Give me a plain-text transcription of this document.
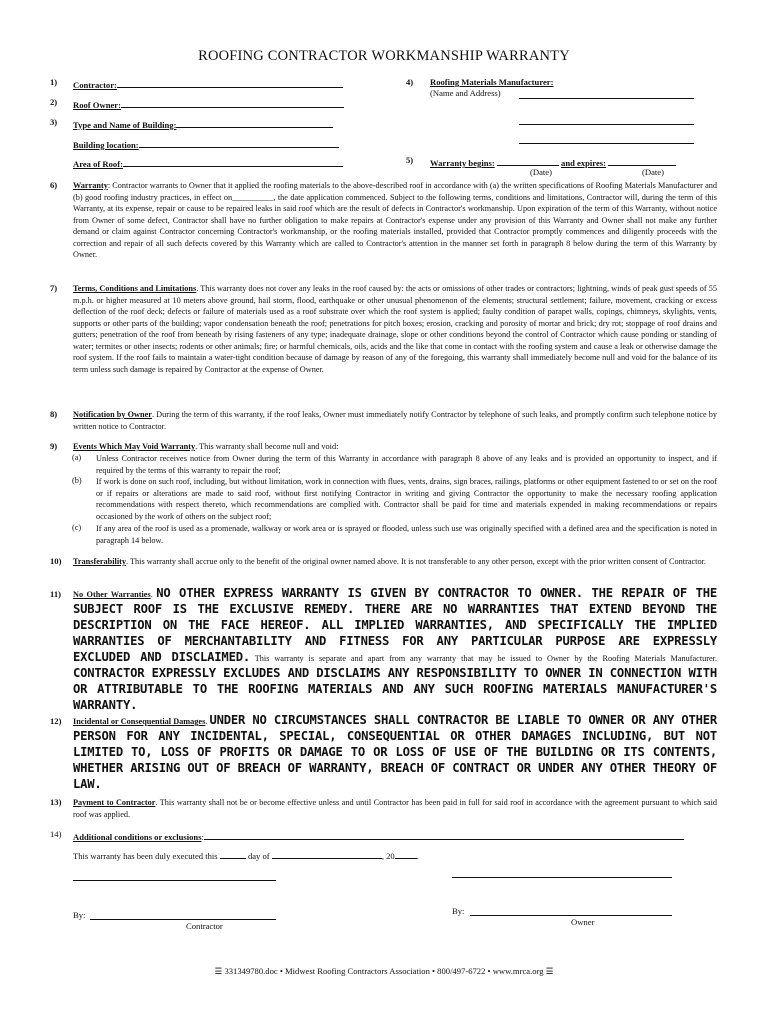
ROOFING CONTRACTOR WORKMANSHIP WARRANTY
1) Contractor:
2) Roof Owner:
3) Type and Name of Building:
Building location:
Area of Roof:
4) Roofing Materials Manufacturer:
(Name and Address)
5) Warranty begins:	and expires:
(Date)	(Date)
6) Warranty: Contractor warrants to Owner that it applied the roofing materials to the above-described roof in accordance with (a) the written specifications of Roofing Materials Manufacturer and (b) good roofing industry practices, in effect on__________, the date application commenced. Subject to the following terms, conditions and limitations, Contractor will, during the term of this Warranty, at its expense, repair or cause to be repaired leaks in said roof which are the result of defects in Contractor's workmanship. Upon expiration of the term of this Warranty, without notice from Owner of some defect, Contractor shall have no further obligation to make repairs at Contractor's expense under any provision of this Warranty and Owner shall not make any further demand or claim against Contractor concerning Contractor's workmanship, or the roofing materials installed, provided that Contractor promptly commences and diligently proceeds with the correction and repair of all such defects covered by this Warranty which are called to Contractor's attention in the manner set forth in paragraph 8 below during the term of this Warranty by Owner.
7) Terms, Conditions and Limitations. This warranty does not cover any leaks in the roof caused by: the acts or omissions of other trades or contractors; lightning, winds of peak gust speeds of 55 m.p.h. or higher measured at 10 meters above ground, hail storm, flood, earthquake or other unusual phenomenon of the elements; structural settlement; failure, movement, cracking or excess deflection of the roof deck; defects or failure of materials used as a roof substrate over which the roof system is applied; faulty condition of parapet walls, copings, chimneys, skylights, vents, supports or other parts of the building; vapor condensation beneath the roof; penetrations for pitch boxes; erosion, cracking and porosity of mortar and brick; dry rot; stoppage of roof drains and gutters; penetration of the roof from beneath by rising fasteners of any type; inadequate drainage, slope or other conditions beyond the control of Contractor which cause ponding or standing of water; termites or other insects; rodents or other animals; fire; or harmful chemicals, oils, acids and the like that come in contact with the roofing system and cause a leak or otherwise damage the roof system. If the roof fails to maintain a water-tight condition because of damage by reason of any of the foregoing, this warranty shall immediately become null and void for the balance of its term unless such damage is repaired by Contractor at the expense of Owner.
8) Notification by Owner. During the term of this warranty, if the roof leaks, Owner must immediately notify Contractor by telephone of such leaks, and promptly confirm such telephone notice by written notice to Contractor.
9) Events Which May Void Warranty. This warranty shall become null and void:
(a) Unless Contractor receives notice from Owner during the term of this Warranty in accordance with paragraph 8 above of any leaks and is provided an opportunity to inspect, and if required by the terms of this warranty to repair the roof;
(b) If work is done on such roof, including, but without limitation, work in connection with flues, vents, drains, sign braces, railings, platforms or other equipment fastened to or set on the roof or if repairs or alterations are made to said roof, without first notifying Contractor in writing and giving Contractor the opportunity to make the necessary roofing application recommendations with respect thereto, which recommendations are complied with. Contractor shall be paid for time and materials expended in making recommendations or repairs occasioned by the work of others on the subject roof;
(c) If any area of the roof is used as a promenade, walkway or work area or is sprayed or flooded, unless such use was originally specified with a defined area and the specification is noted in paragraph 14 below.
10) Transferability. This warranty shall accrue only to the benefit of the original owner named above. It is not transferable to any other person, except with the prior written consent of Contractor.
11) No Other Warranties. NO OTHER EXPRESS WARRANTY IS GIVEN BY CONTRACTOR TO OWNER. THE REPAIR OF THE SUBJECT ROOF IS THE EXCLUSIVE REMEDY. THERE ARE NO WARRANTIES THAT EXTEND BEYOND THE DESCRIPTION ON THE FACE HEREOF. ALL IMPLIED WARRANTIES, AND SPECIFICALLY THE IMPLIED WARRANTIES OF MERCHANTABILITY AND FITNESS FOR ANY PARTICULAR PURPOSE ARE EXPRESSLY EXCLUDED AND DISCLAIMED. This warranty is separate and apart from any warranty that may be issued to Owner by the Roofing Materials Manufacturer. CONTRACTOR EXPRESSLY EXCLUDES AND DISCLAIMS ANY RESPONSIBILITY TO OWNER IN CONNECTION WITH OR ATTRIBUTABLE TO THE ROOFING MATERIALS AND ANY SUCH ROOFING MATERIALS MANUFACTURER'S WARRANTY.
12) Incidental or Consequential Damages. UNDER NO CIRCUMSTANCES SHALL CONTRACTOR BE LIABLE TO OWNER OR ANY OTHER PERSON FOR ANY INCIDENTAL, SPECIAL, CONSEQUENTIAL OR OTHER DAMAGES INCLUDING, BUT NOT LIMITED TO, LOSS OF PROFITS OR DAMAGE TO OR LOSS OF USE OF THE BUILDING OR ITS CONTENTS, WHETHER ARISING OUT OF BREACH OF WARRANTY, BREACH OF CONTRACT OR UNDER ANY OTHER THEORY OF LAW.
13) Payment to Contractor. This warranty shall not be or become effective unless and until Contractor has been paid in full for said roof in accordance with the agreement pursuant to which said roof was applied.
14) Additional conditions or exclusions:
This warranty has been duly executed this	day of	, 20	.
By:
Contractor
By:
Owner
☰ 331349780.doc • Midwest Roofing Contractors Association • 800/497-6722 • www.mrca.org ☰
